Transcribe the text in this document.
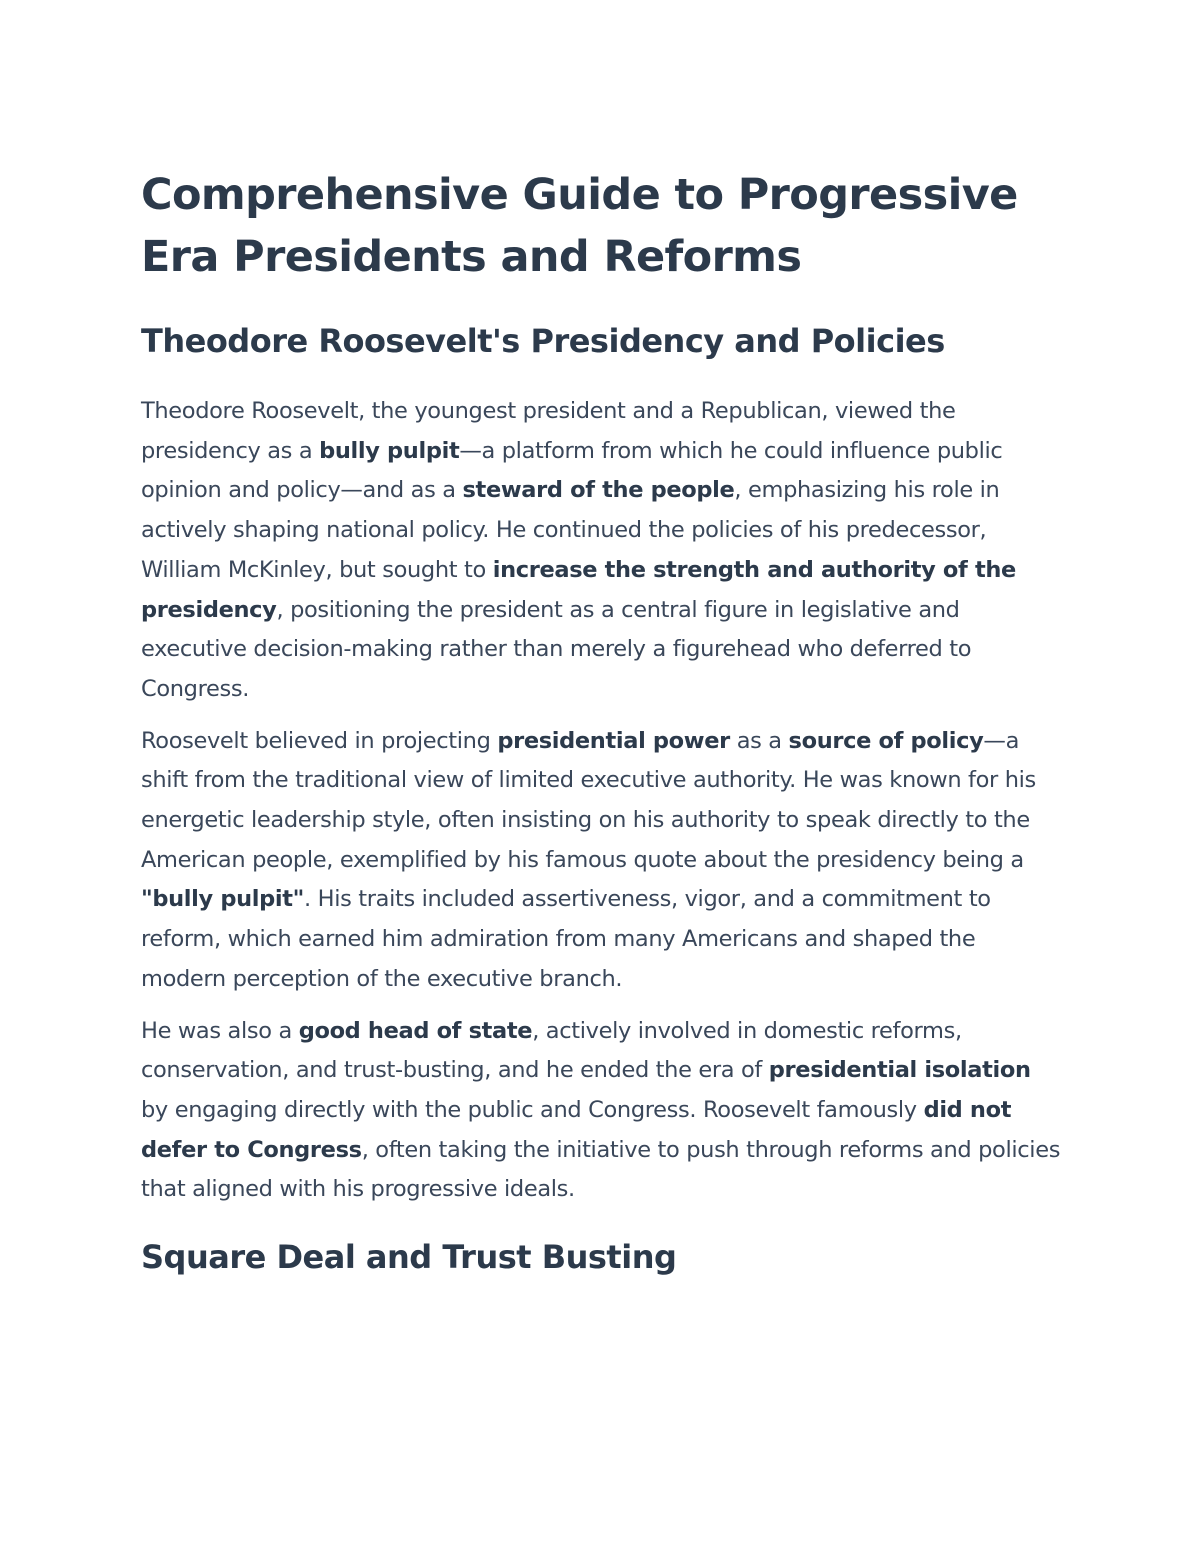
Comprehensive Guide to Progressive Era Presidents and Reforms
Theodore Roosevelt's Presidency and Policies

Theodore Roosevelt, the youngest president and a Republican, viewed the presidency as a bully pulpit—a platform from which he could influence public opinion and policy—and as a steward of the people, emphasizing his role in actively shaping national policy. He continued the policies of his predecessor, William McKinley, but sought to increase the strength and authority of the presidency, positioning the president as a central figure in legislative and executive decision-making rather than merely a figurehead who deferred to Congress.

Roosevelt believed in projecting presidential power as a source of policy—a shift from the traditional view of limited executive authority. He was known for his energetic leadership style, often insisting on his authority to speak directly to the American people, exemplified by his famous quote about the presidency being a "bully pulpit". His traits included assertiveness, vigor, and a commitment to reform, which earned him admiration from many Americans and shaped the modern perception of the executive branch.

He was also a good head of state, actively involved in domestic reforms, conservation, and trust-busting, and he ended the era of presidential isolation by engaging directly with the public and Congress. Roosevelt famously did not defer to Congress, often taking the initiative to push through reforms and policies that aligned with his progressive ideals.

Square Deal and Trust Busting
